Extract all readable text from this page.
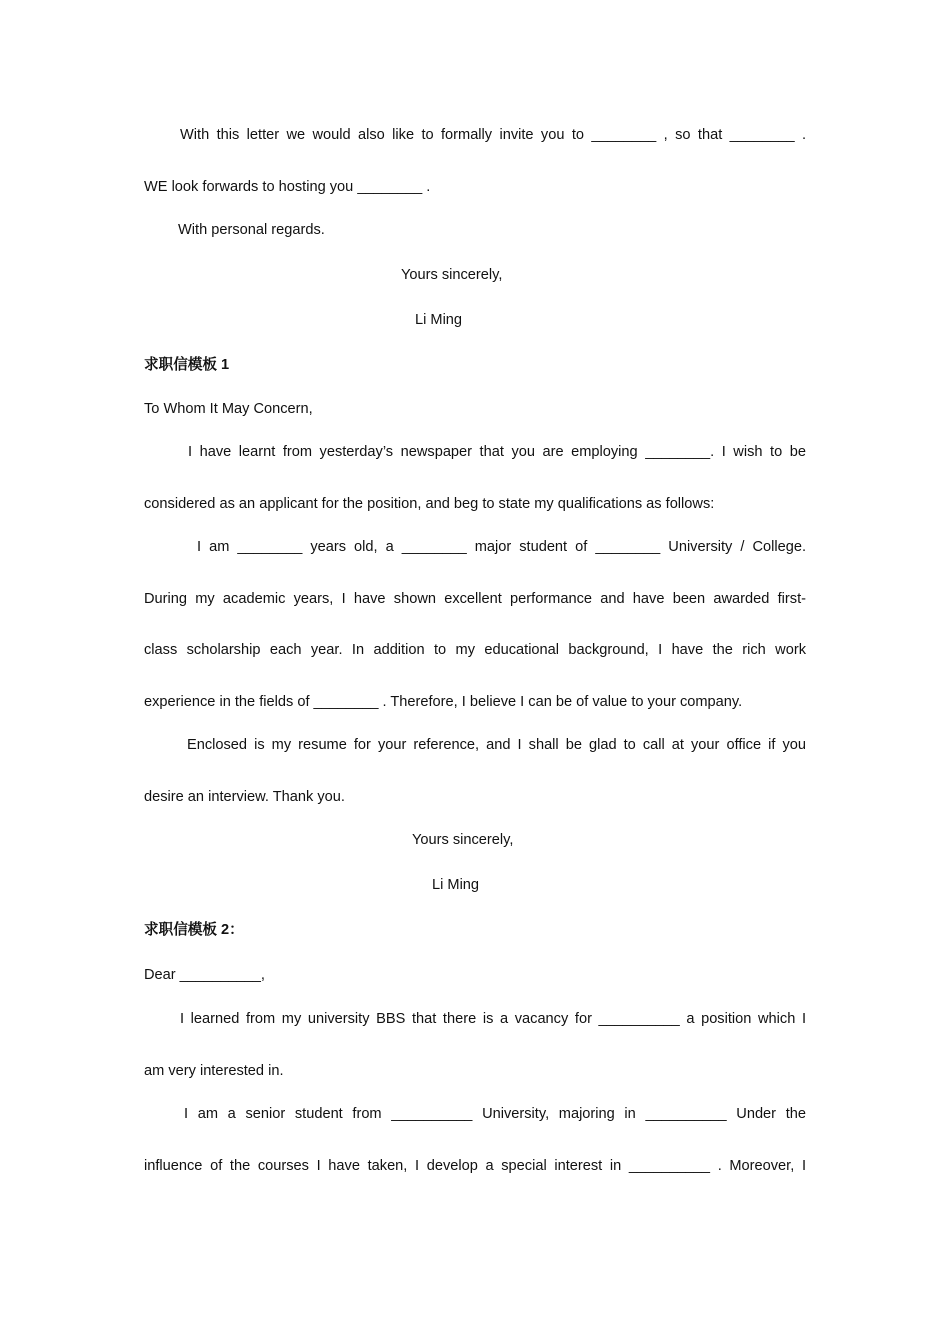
With this letter we would also like to formally invite you to ________ , so that ________ .
WE look forwards to hosting you ________ .
With personal regards.
Yours sincerely,
Li Ming
求职信模板 1
To Whom It May Concern,
I have learnt from yesterday’s newspaper that you are employing ________. I wish to be
considered as an applicant for the position, and beg to state my qualifications as follows:
I am ________ years old, a ________ major student of ________ University / College.
During my academic years, I have shown excellent performance and have been awarded first-
class scholarship each year. In addition to my educational background, I have the rich work
experience in the fields of ________ . Therefore, I believe I can be of value to your company.
Enclosed is my resume for your reference, and I shall be glad to call at your office if you
desire an interview. Thank you.
Yours sincerely,
Li Ming
求职信模板 2：
Dear __________,
I learned from my university BBS that there is a vacancy for __________ a position which I
am very interested in.
I am a senior student from __________ University, majoring in __________ Under the
influence of the courses I have taken, I develop a special interest in __________ . Moreover, I
